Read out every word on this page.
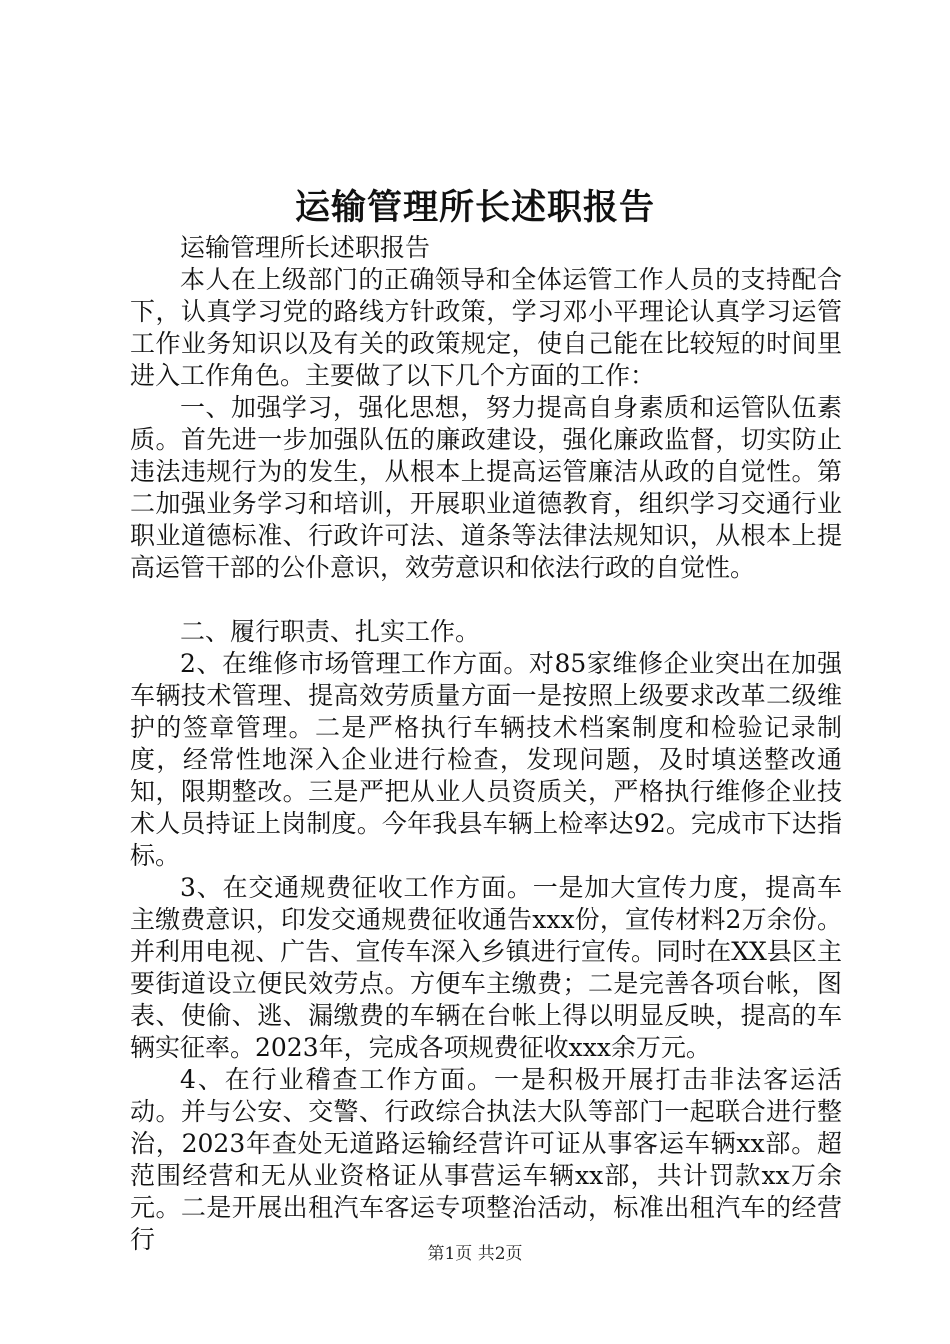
运输管理所长述职报告

运输管理所长述职报告

本人在上级部门的正确领导和全体运管工作人员的支持配合下，认真学习党的路线方针政策，学习邓小平理论认真学习运管工作业务知识以及有关的政策规定，使自己能在比较短的时间里进入工作角色。主要做了以下几个方面的工作：

一、加强学习，强化思想，努力提高自身素质和运管队伍素质。首先进一步加强队伍的廉政建设，强化廉政监督，切实防止违法违规行为的发生，从根本上提高运管廉洁从政的自觉性。第二加强业务学习和培训，开展职业道德教育，组织学习交通行业职业道德标准、行政许可法、道条等法律法规知识，从根本上提高运管干部的公仆意识，效劳意识和依法行政的自觉性。

二、履行职责、扎实工作。

2、在维修市场管理工作方面。对85家维修企业突出在加强车辆技术管理、提高效劳质量方面一是按照上级要求改革二级维护的签章管理。二是严格执行车辆技术档案制度和检验记录制度，经常性地深入企业进行检查，发现问题，及时填送整改通知，限期整改。三是严把从业人员资质关，严格执行维修企业技术人员持证上岗制度。今年我县车辆上检率达92。完成市下达指标。

3、在交通规费征收工作方面。一是加大宣传力度，提高车主缴费意识，印发交通规费征收通告xxx份，宣传材料2万余份。并利用电视、广告、宣传车深入乡镇进行宣传。同时在XX县区主要街道设立便民效劳点。方便车主缴费；二是完善各项台帐，图表、使偷、逃、漏缴费的车辆在台帐上得以明显反映，提高的车辆实征率。2023年，完成各项规费征收xxx余万元。

4、在行业稽查工作方面。一是积极开展打击非法客运活动。并与公安、交警、行政综合执法大队等部门一起联合进行整治，2023年查处无道路运输经营许可证从事客运车辆xx部。超范围经营和无从业资格证从事营运车辆xx部，共计罚款xx万余元。二是开展出租汽车客运专项整治活动，标准出租汽车的经营行	第1页 共2页
